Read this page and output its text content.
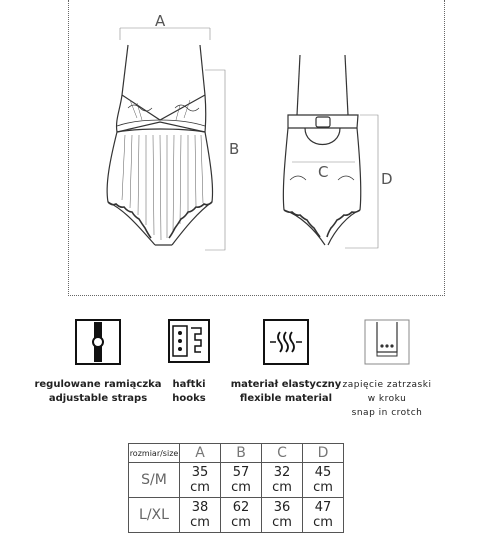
A
B
C	D
regulowane ramiączka
adjustable straps
haftki
hooks
materiał elastyczny
flexible material
zapięcie zatrzaski w kroku
snap in crotch
rozmiar/size	A	B	C	D
S/M	35 cm	57 cm	32 cm	45 cm
L/XL	38 cm	62 cm	36 cm	47 cm
